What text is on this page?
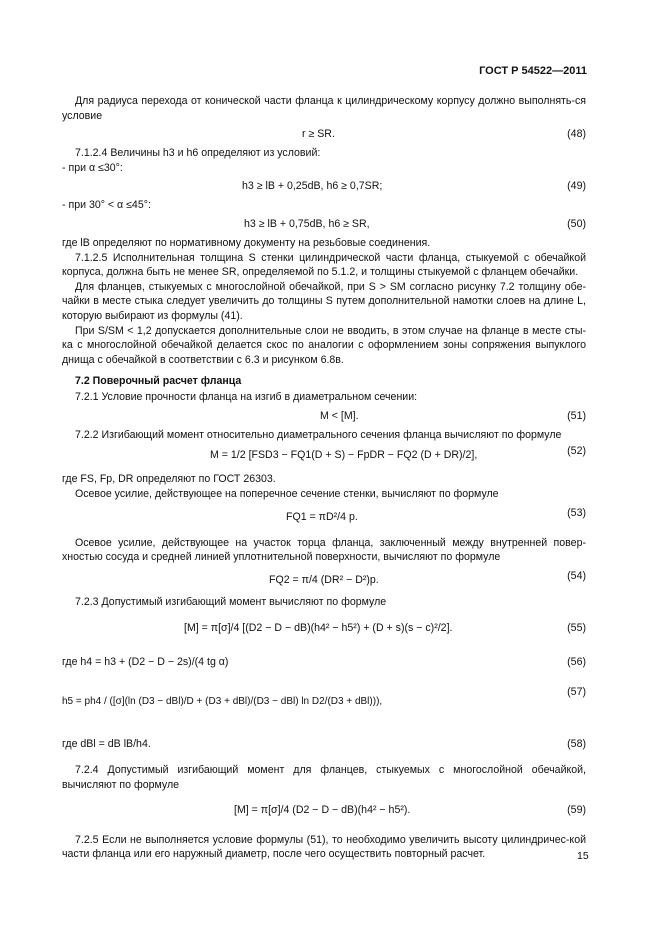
ГОСТ Р 54522—2011

Для радиуса перехода от конической части фланца к цилиндрическому корпусу должно выполнять-ся условие

r ≥ SR.	(48)

7.1.2.4 Величины h3 и h6 определяют из условий:

- при α ≤30°:

h3 ≥ lB + 0,25dB, h6 ≥ 0,7SR;	(49)

- при 30° < α ≤45°:

h3 ≥ lB + 0,75dB, h6 ≥ SR,	(50)

где lB определяют по нормативному документу на резьбовые соединения.

7.1.2.5 Исполнительная толщина S стенки цилиндрической части фланца, стыкуемой с обечайкой корпуса, должна быть не менее SR, определяемой по 5.1.2, и толщины стыкуемой с фланцем обечайки.

Для фланцев, стыкуемых с многослойной обечайкой, при S > SM согласно рисунку 7.2 толщину обе-чайки в месте стыка следует увеличить до толщины S путем дополнительной намотки слоев на длине L, которую выбирают из формулы (41).

При S/SM < 1,2 допускается дополнительные слои не вводить, в этом случае на фланце в месте сты-ка с многослойной обечайкой делается скос по аналогии с оформлением зоны сопряжения выпуклого днища с обечайкой в соответствии с 6.3 и рисунком 6.8в.

7.2 Поверочный расчет фланца

7.2.1 Условие прочности фланца на изгиб в диаметральном сечении:

M < [M].	(51)

7.2.2 Изгибающий момент относительно диаметрального сечения фланца вычисляют по формуле

M = 1/2 [FSD3 − FQ1(D + S) − FpDR − FQ2 (D + DR)/2],	(52)

где FS, Fp, DR определяют по ГОСТ 26303.

Осевое усилие, действующее на поперечное сечение стенки, вычисляют по формуле

FQ1 = πD²/4 p.	(53)

Осевое усилие, действующее на участок торца фланца, заключенный между внутренней повер-хностью сосуда и средней линией уплотнительной поверхности, вычисляют по формуле

FQ2 = π/4 (DR² − D²)p.	(54)

7.2.3 Допустимый изгибающий момент вычисляют по формуле

[M] = π[σ]/4 [(D2 − D − dB)(h4² − h5²) + (D + s)(s − c)²/2].	(55)
где h4 = h3 + (D2 − D − 2s)/(4 tg α)	(56)
h5 = ph4 / ([σ](ln (D3 − dBl)/D + (D3 + dBl)/(D3 − dBl) ln D2/(D3 + dBl))),
(57)
где dBl = dB lB/h4.	(58)

7.2.4 Допустимый изгибающий момент для фланцев, стыкуемых с многослойной обечайкой, вычисляют по формуле

[M] = π[σ]/4 (D2 − D − dB)(h4² − h5²).	(59)

7.2.5 Если не выполняется условие формулы (51), то необходимо увеличить высоту цилиндричес-кой части фланца или его наружный диаметр, после чего осуществить повторный расчет.	15
